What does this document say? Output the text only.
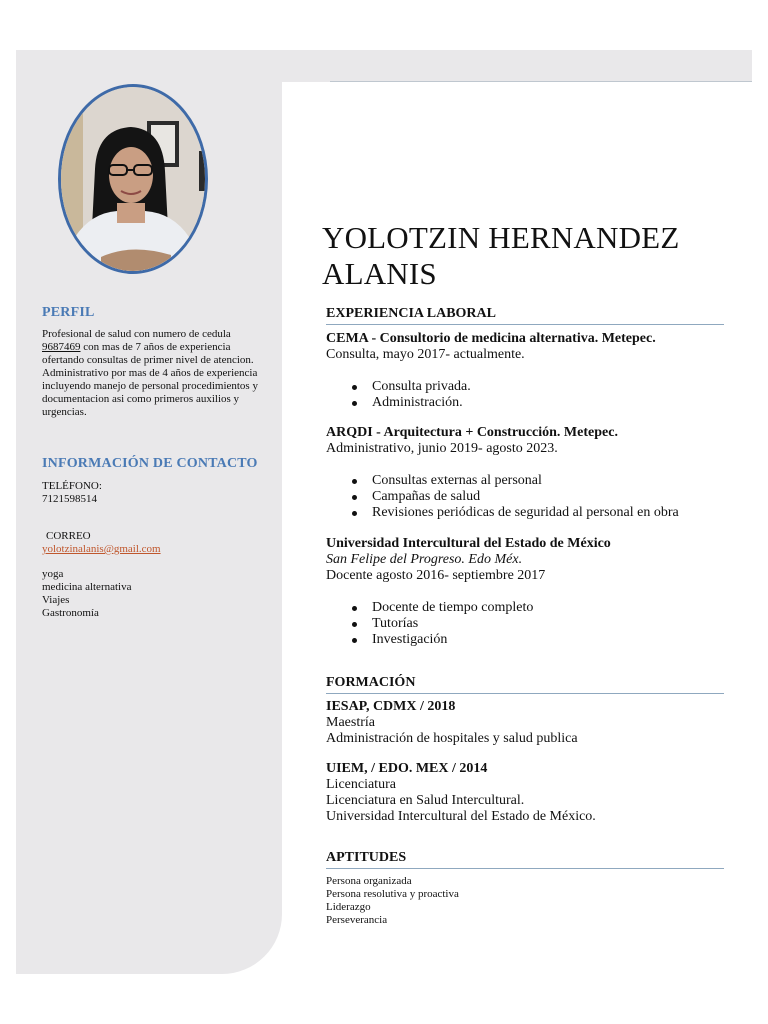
PERFIL
Profesional de salud con numero de cedula 9687469 con mas de 7 años de experiencia ofertando consultas de primer nivel de atencion. Administrativo por mas de 4 años de experiencia incluyendo manejo de personal procedimientos y documentacion asi como primeros auxilios y urgencias.
INFORMACIÓN DE CONTACTO
TELÉFONO:
7121598514
CORREO
yolotzinalanis@gmail.com
yoga
medicina alternativa
Viajes
Gastronomía
YOLOTZIN HERNANDEZ
ALANIS
EXPERIENCIA LABORAL
CEMA - Consultorio de medicina alternativa. Metepec.
Consulta, mayo 2017- actualmente.
Consulta privada.
Administración.
ARQDI - Arquitectura + Construcción. Metepec.
Administrativo, junio 2019- agosto 2023.
Consultas externas al personal
Campañas de salud
Revisiones periódicas de seguridad al personal en obra
Universidad Intercultural del Estado de México
San Felipe del Progreso. Edo Méx.
Docente agosto 2016- septiembre 2017
Docente de tiempo completo
Tutorías
Investigación
FORMACIÓN
IESAP, CDMX / 2018
Maestría
Administración de hospitales y salud publica
UIEM, / EDO. MEX / 2014
Licenciatura
Licenciatura en Salud Intercultural.
Universidad Intercultural del Estado de México.
APTITUDES
Persona organizada
Persona resolutiva y proactiva
Liderazgo
Perseverancia
